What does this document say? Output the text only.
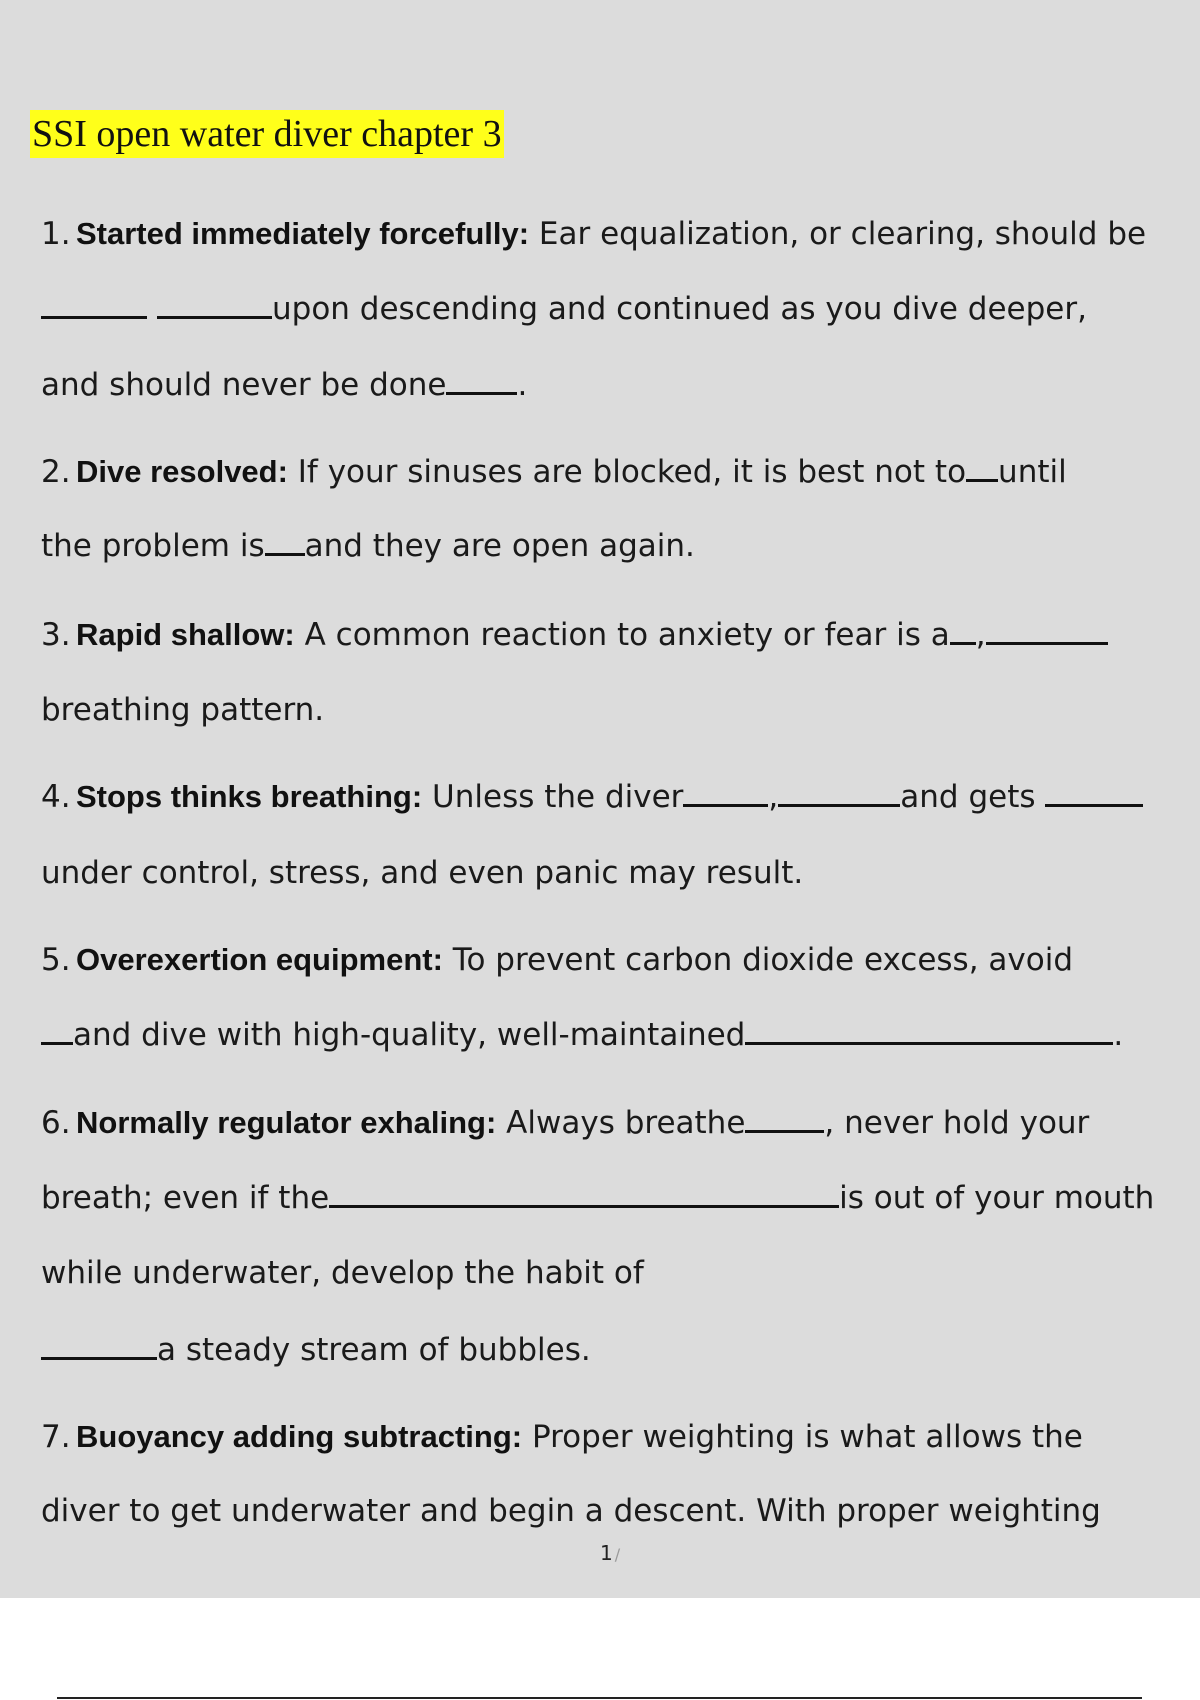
SSI open water diver chapter 3
1. Started immediately forcefully: Ear equalization, or clearing, should be
upon descending and continued as you dive deeper,
and should never be done .
2. Dive resolved: If your sinuses are blocked, it is best not to until
the problem is and they are open again.
3. Rapid shallow: A common reaction to anxiety or fear is a ,
breathing pattern.
4. Stops thinks breathing: Unless the diver	,	and gets
under control, stress, and even panic may result.
5. Overexertion equipment: To prevent carbon dioxide excess, avoid
and dive with high-quality, well-maintained	.
6. Normally regulator exhaling: Always breathe	, never hold your
breath; even if the	is out of your mouth
while underwater, develop the habit of
a steady stream of bubbles.
7. Buoyancy adding subtracting: Proper weighting is what allows the
diver to get underwater and begin a descent. With proper weighting
1 /
